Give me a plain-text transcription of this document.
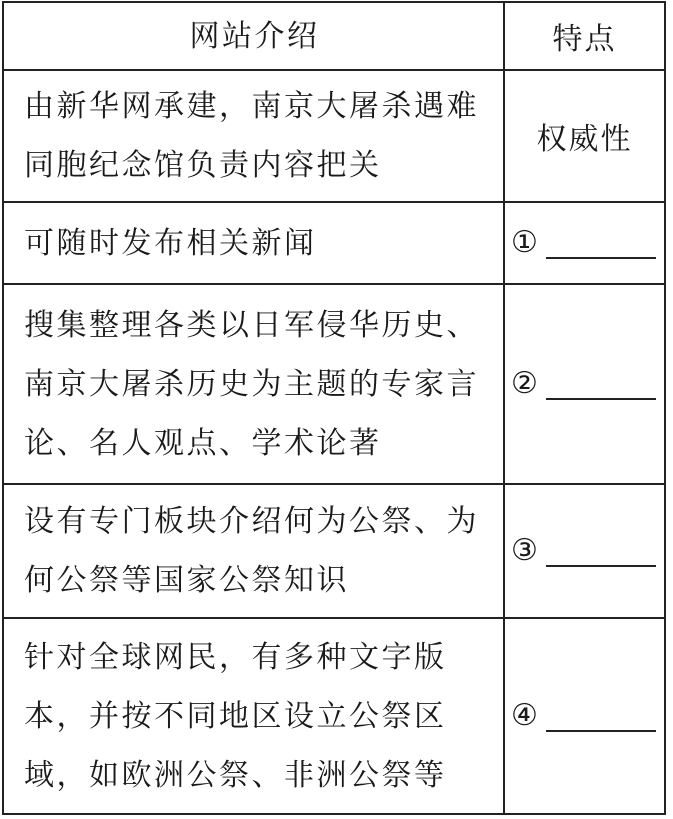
网站介绍	特点
由新华网承建，南京大屠杀遇难同胞纪念馆负责内容把关
权威性
可随时发布相关新闻	①
搜集整理各类以日军侵华历史、南京大屠杀历史为主题的专家言论、名人观点、学术论著
②
设有专门板块介绍何为公祭、为何公祭等国家公祭知识
③
针对全球网民，有多种文字版本，并按不同地区设立公祭区域，如欧洲公祭、非洲公祭等
④
